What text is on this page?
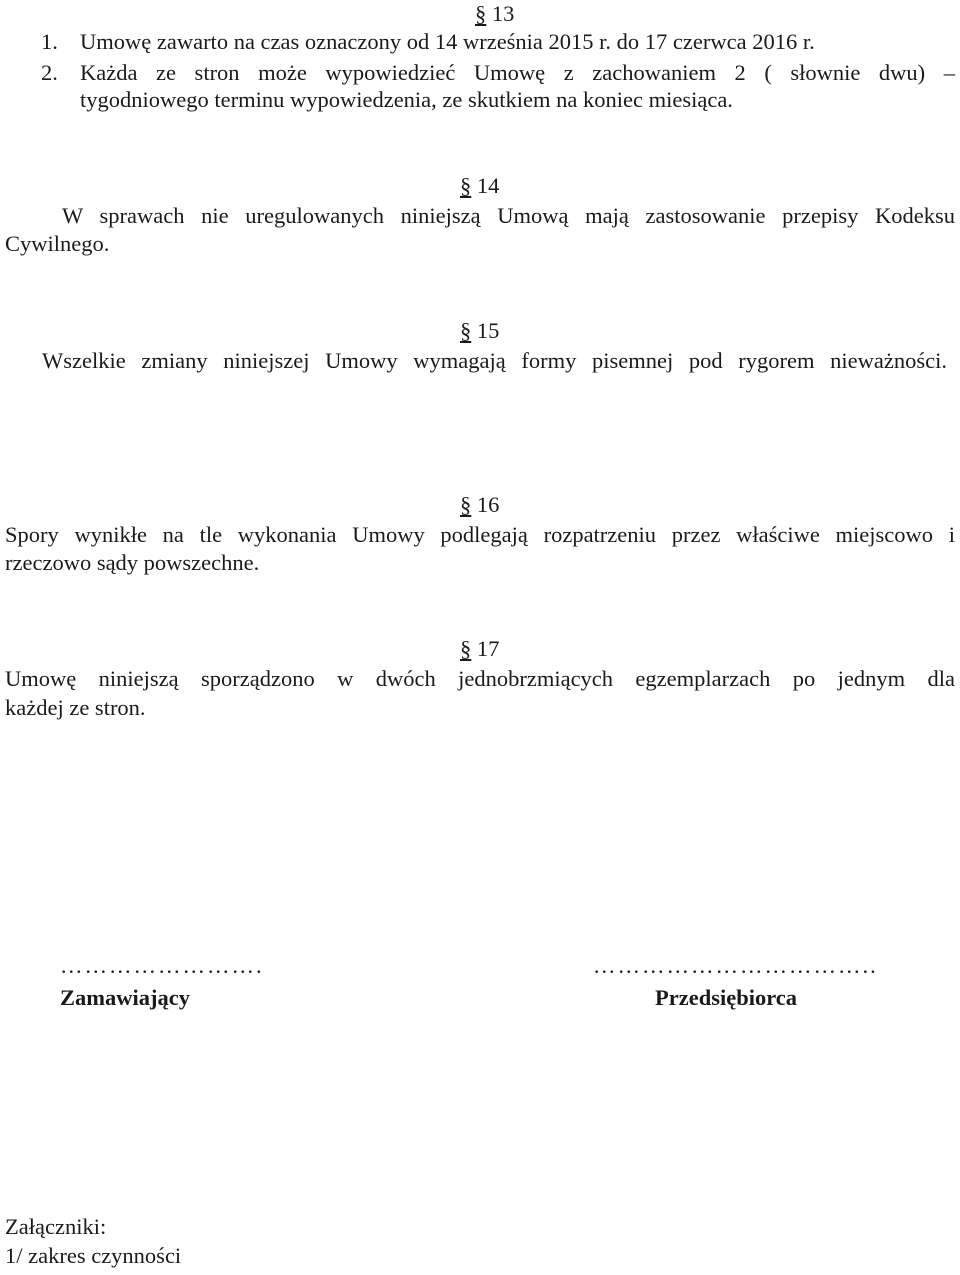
§ 13
1. Umowę zawarto na czas oznaczony od 14 września 2015 r. do 17 czerwca 2016 r.
2. Każda ze stron może wypowiedzieć Umowę z zachowaniem 2 ( słownie dwu) –
tygodniowego terminu wypowiedzenia, ze skutkiem na koniec miesiąca.
§ 14
W sprawach nie uregulowanych niniejszą Umową mają zastosowanie przepisy Kodeksu
Cywilnego.
§ 15
Wszelkie zmiany niniejszej Umowy wymagają formy pisemnej pod rygorem nieważności.
§ 16
Spory wynikłe na tle wykonania Umowy podlegają rozpatrzeniu przez właściwe miejscowo i
rzeczowo sądy powszechne.
§ 17
Umowę niniejszą sporządzono w dwóch jednobrzmiących egzemplarzach po jednym dla
każdej ze stron.
…………………….
Zamawiający
……………………………..
Przedsiębiorca
Załączniki:
1/ zakres czynności
